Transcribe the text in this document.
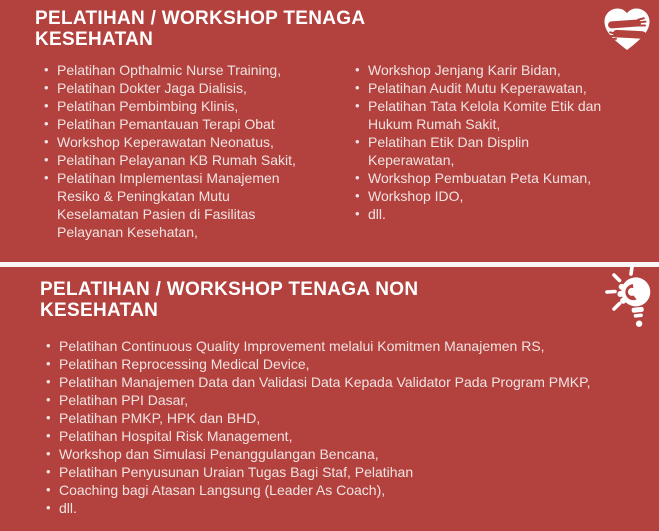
PELATIHAN / WORKSHOP TENAGA
KESEHATAN
• Pelatihan Opthalmic Nurse Training,
• Pelatihan Dokter Jaga Dialisis,
• Pelatihan Pembimbing Klinis,
• Pelatihan Pemantauan Terapi Obat
• Workshop Keperawatan Neonatus,
• Pelatihan Pelayanan KB Rumah Sakit,
• Pelatihan Implementasi Manajemen Resiko & Peningkatan Mutu Keselamatan Pasien di Fasilitas Pelayanan Kesehatan,
• Workshop Jenjang Karir Bidan,
• Pelatihan Audit Mutu Keperawatan,
• Pelatihan Tata Kelola Komite Etik dan Hukum Rumah Sakit,
• Pelatihan Etik Dan Displin Keperawatan,
• Workshop Pembuatan Peta Kuman,
• Workshop IDO,
• dll.
PELATIHAN / WORKSHOP TENAGA NON
KESEHATAN
• Pelatihan Continuous Quality Improvement melalui Komitmen Manajemen RS,
• Pelatihan Reprocessing Medical Device,
• Pelatihan Manajemen Data dan Validasi Data Kepada Validator Pada Program PMKP,
• Pelatihan PPI Dasar,
• Pelatihan PMKP, HPK dan BHD,
• Pelatihan Hospital Risk Management,
• Workshop dan Simulasi Penanggulangan Bencana,
• Pelatihan Penyusunan Uraian Tugas Bagi Staf, Pelatihan
• Coaching bagi Atasan Langsung (Leader As Coach),
• dll.
